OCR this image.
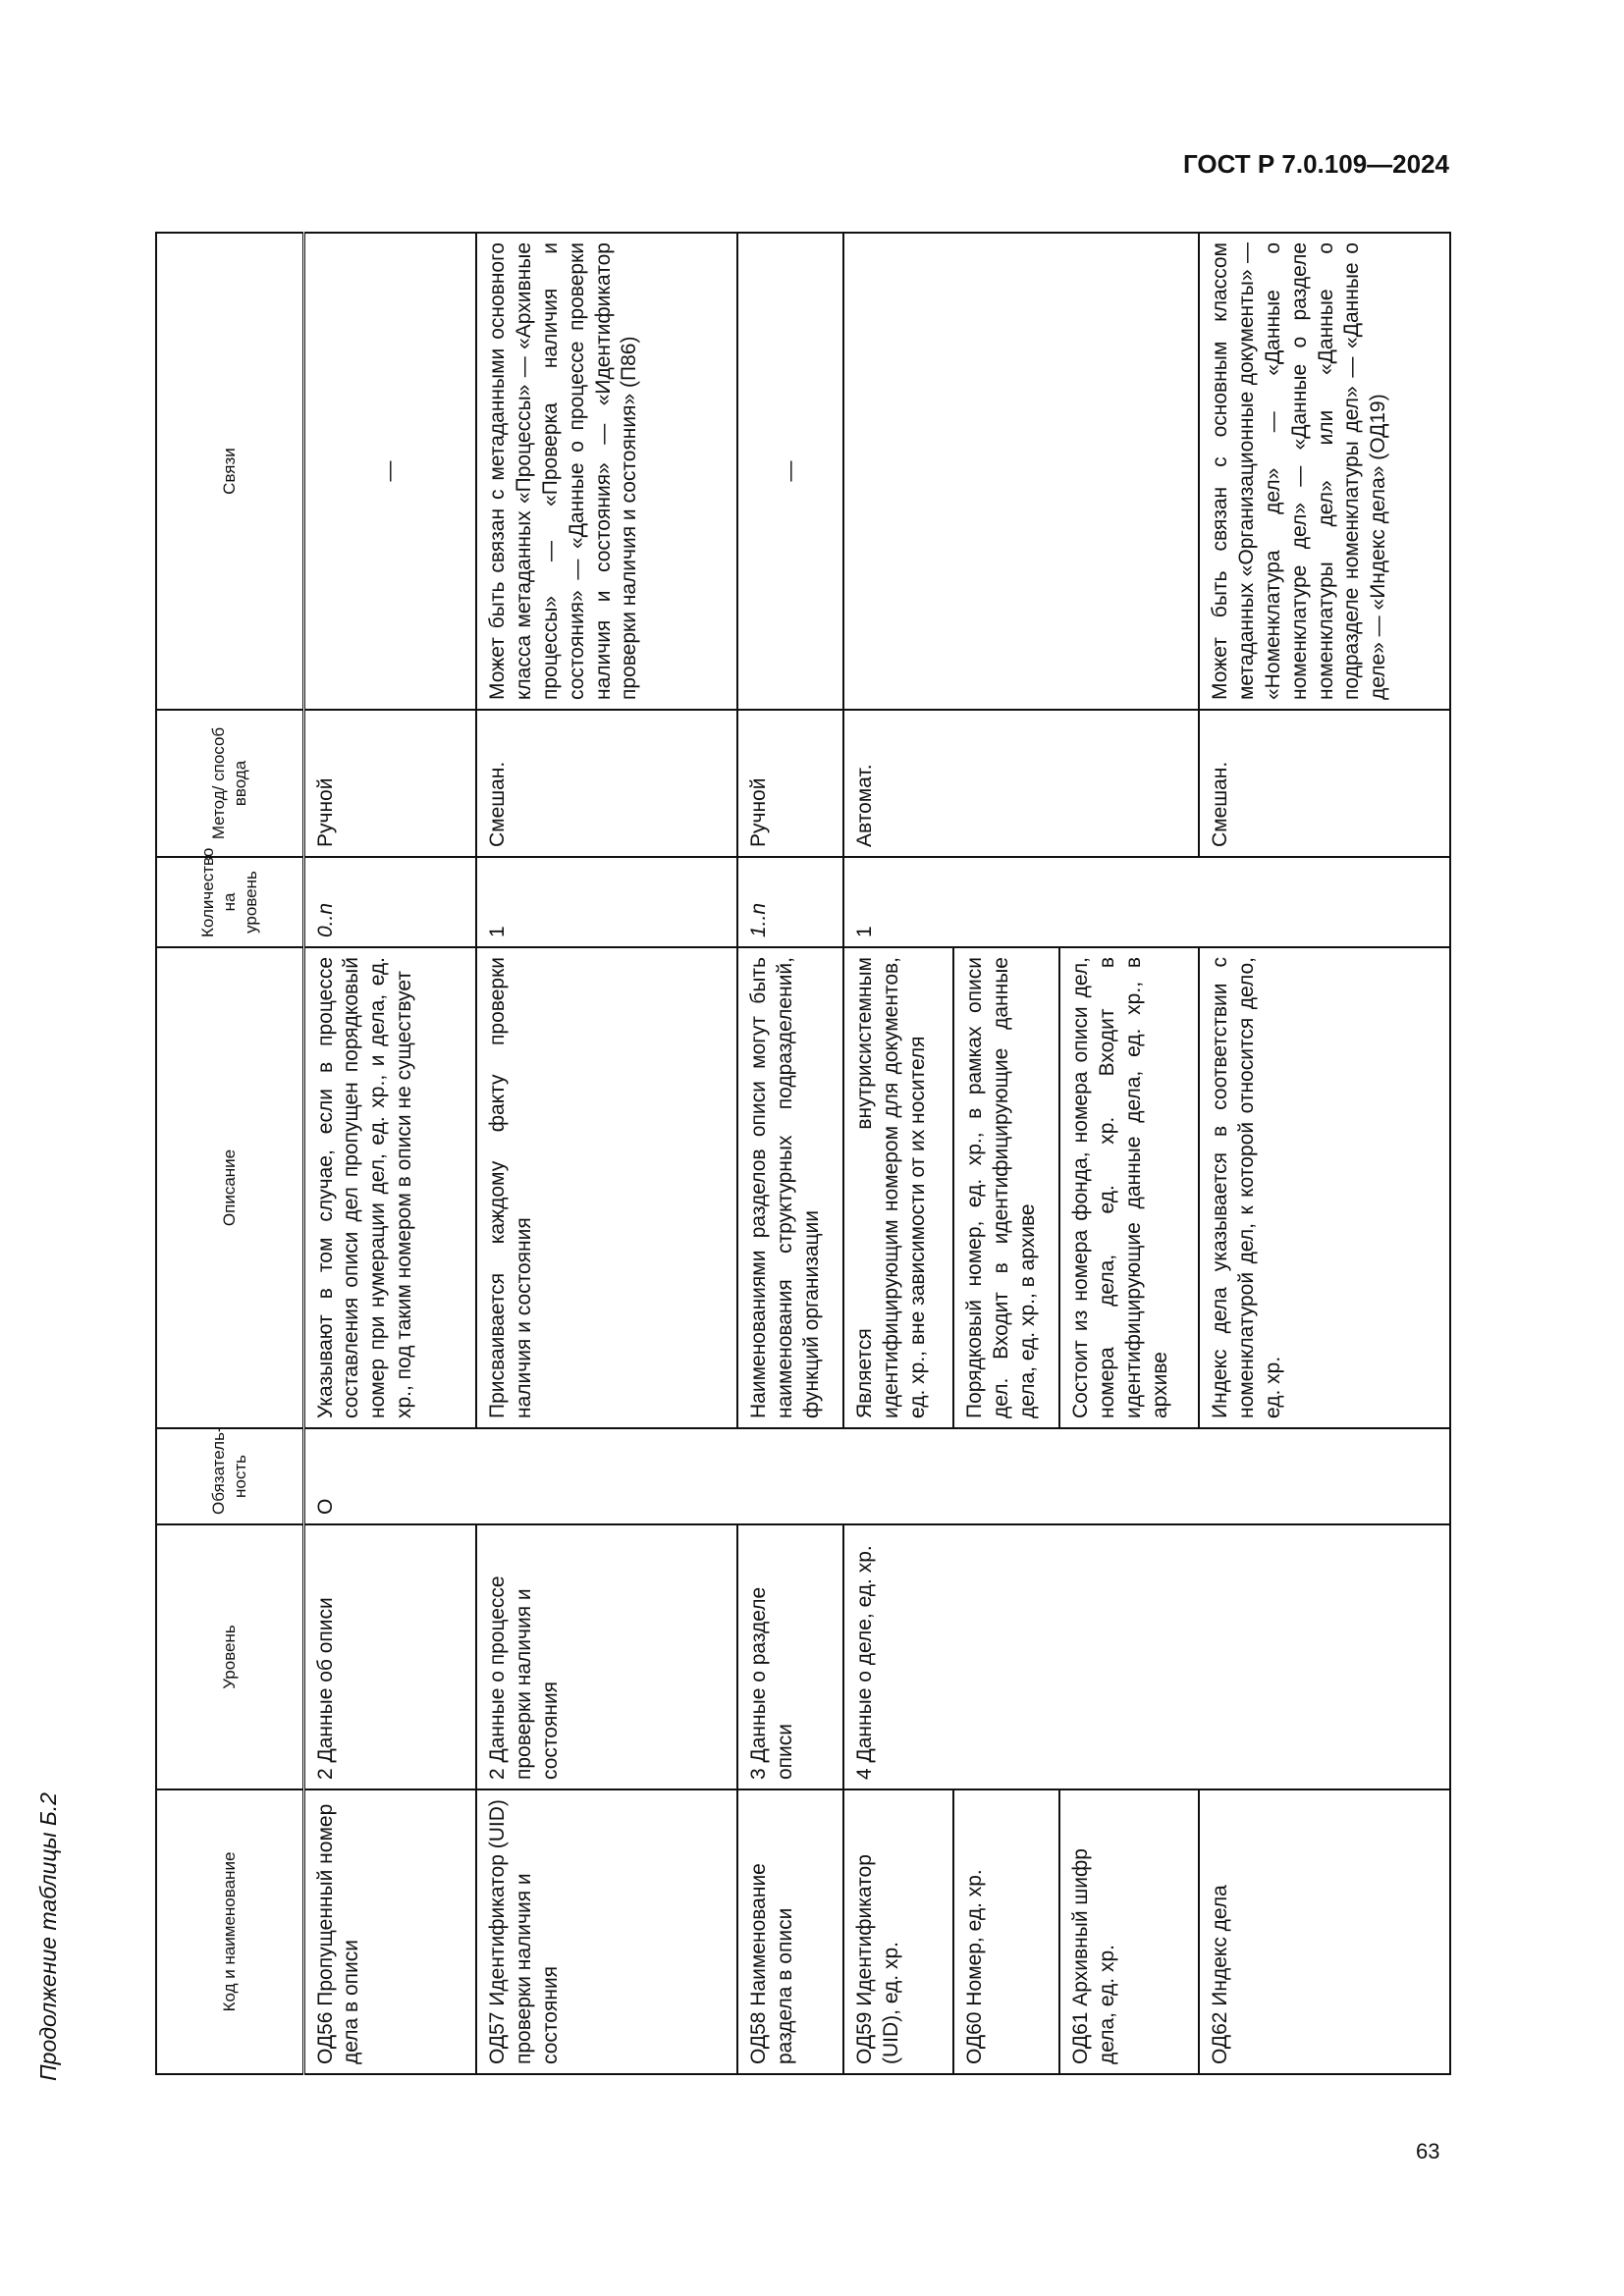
ГОСТ Р 7.0.109—2024
Продолжение таблицы Б.2	Код и наименование	Уровень	Обязатель-ность	Описание	Количество на уровень	Метод/ способ ввода	Связи
ОД56 Пропущенный номер дела в описи	2 Данные об описи	О	Указывают в том случае, если в процессе составления описи дел пропущен порядковый номер при нумерации дел, ед. хр., и дела, ед. хр., под таким номером в описи не существует	0..n	Ручной	—
ОД57 Идентификатор (UID) проверки наличия и состояния	2 Данные о процессе проверки наличия и состояния		Присваивается каждому факту проверки наличия и состояния	1	Смешан.	Может быть связан с метаданными основного класса метаданных «Процессы» — «Архивные процессы» — «Проверка наличия и состояния» — «Данные о процессе проверки наличия и состояния» — «Идентификатор проверки наличия и состояния» (П86)
ОД58 Наименование раздела в описи	3 Данные о разделе описи		Наименованиями разделов описи могут быть наименования структурных подразделений, функций организации	1..n	Ручной	—
ОД59 Идентификатор (UID), ед. хр.	4 Данные о деле, ед. хр.		Является внутрисистемным идентифицирующим номером для документов, ед. хр., вне зависимости от их носителя	1	Автомат.	
ОД60 Номер, ед. хр.			Порядковый номер, ед. хр., в рамках описи дел. Входит в идентифицирующие данные дела, ед. хр., в архиве			
ОД61 Архивный шифр дела, ед. хр.			Состоит из номера фонда, номера описи дел, номера дела, ед. хр. Входит в идентифицирующие данные дела, ед. хр., в архиве			
ОД62 Индекс дела			Индекс дела указывается в соответствии с номенклатурой дел, к которой относится дело, ед. хр.		Смешан.	Может быть связан с основным классом метаданных «Организационные документы» — «Номенклатура дел» — «Данные о номенклатуре дел» — «Данные о разделе номенклатуры дел» или «Данные о подразделе номенклатуры дел» — «Данные о деле» — «Индекс дела» (ОД19)
63
